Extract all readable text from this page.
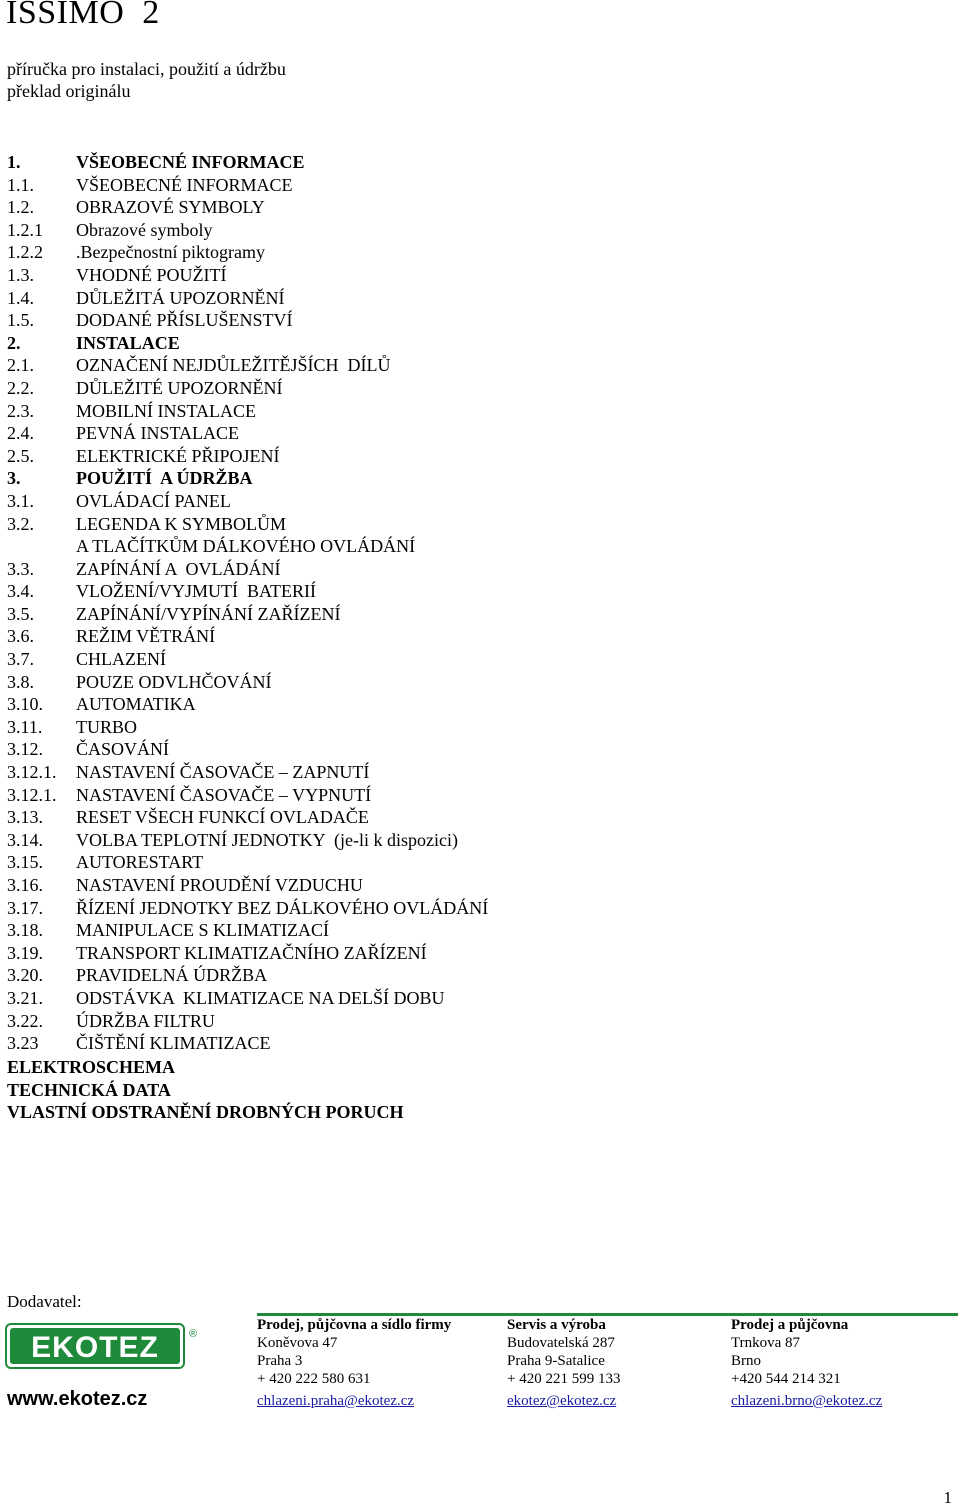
ISSIMO  2
příručka pro instalaci, použití a údržbu
překlad originálu
1.	VŠEOBECNÉ INFORMACE
1.1.	VŠEOBECNÉ INFORMACE
1.2.	OBRAZOVÉ SYMBOLY
1.2.1	Obrazové symboly
1.2.2	.Bezpečnostní piktogramy
1.3.	VHODNÉ POUŽITÍ
1.4.	DŮLEŽITÁ UPOZORNĚNÍ
1.5.	DODANÉ PŘÍSLUŠENSTVÍ
2.	INSTALACE
2.1.	OZNAČENÍ NEJDŮLEŽITĚJŠÍCH  DÍLŮ
2.2.	DŮLEŽITÉ UPOZORNĚNÍ
2.3.	MOBILNÍ INSTALACE
2.4.	PEVNÁ INSTALACE
2.5.	ELEKTRICKÉ PŘIPOJENÍ
3.	POUŽITÍ  A ÚDRŽBA
3.1.	OVLÁDACÍ PANEL
3.2.	LEGENDA K SYMBOLŮM
A TLAČÍTKŮM DÁLKOVÉHO OVLÁDÁNÍ
3.3.	ZAPÍNÁNÍ A  OVLÁDÁNÍ
3.4.	VLOŽENÍ/VYJMUTÍ  BATERIÍ
3.5.	ZAPÍNÁNÍ/VYPÍNÁNÍ ZAŘÍZENÍ
3.6.	REŽIM VĚTRÁNÍ
3.7.	CHLAZENÍ
3.8.	POUZE ODVLHČOVÁNÍ
3.10.	AUTOMATIKA
3.11.	TURBO
3.12.	ČASOVÁNÍ
3.12.1.	NASTAVENÍ ČASOVAČE – ZAPNUTÍ
3.12.1.	NASTAVENÍ ČASOVAČE – VYPNUTÍ
3.13.	RESET VŠECH FUNKCÍ OVLADAČE
3.14.	VOLBA TEPLOTNÍ JEDNOTKY  (je-li k dispozici)
3.15.	AUTORESTART
3.16.	NASTAVENÍ PROUDĚNÍ VZDUCHU
3.17.	ŘÍZENÍ JEDNOTKY BEZ DÁLKOVÉHO OVLÁDÁNÍ
3.18.	MANIPULACE S KLIMATIZACÍ
3.19.	TRANSPORT KLIMATIZAČNÍHO ZAŘÍZENÍ
3.20.	PRAVIDELNÁ ÚDRŽBA
3.21.	ODSTÁVKA  KLIMATIZACE NA DELŠÍ DOBU
3.22.	ÚDRŽBA FILTRU
3.23	ČIŠTĚNÍ KLIMATIZACE
ELEKTROSCHEMA
TECHNICKÁ DATA
VLASTNÍ ODSTRANĚNÍ DROBNÝCH PORUCH
Dodavatel:
EKOTEZ	®
www.ekotez.cz
Prodej, půjčovna a sídlo firmy
Koněvova 47
Praha 3
+ 420 222 580 631
chlazeni.praha@ekotez.cz
Servis a výroba
Budovatelská 287
Praha 9-Satalice
+ 420 221 599 133
ekotez@ekotez.cz
Prodej a půjčovna
Trnkova 87
Brno
+420 544 214 321
chlazeni.brno@ekotez.cz
1
